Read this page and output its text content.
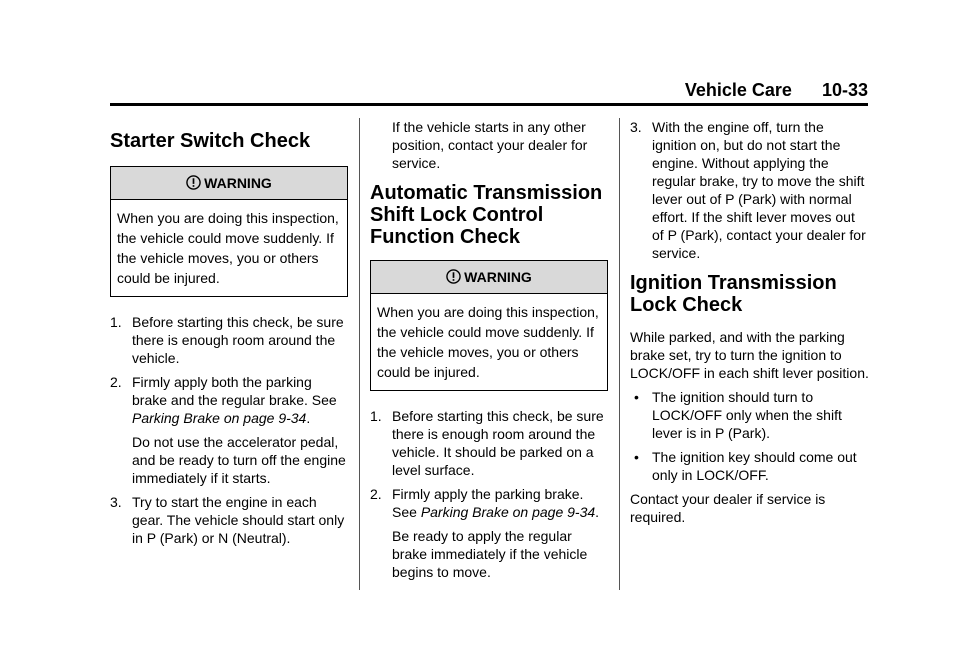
Vehicle Care 10-33
Starter Switch Check
WARNING
When you are doing this inspection, the vehicle could move suddenly. If the vehicle moves, you or others could be injured.
1. Before starting this check, be sure there is enough room around the vehicle.
2. Firmly apply both the parking brake and the regular brake. See Parking Brake on page 9-34.
Do not use the accelerator pedal, and be ready to turn off the engine immediately if it starts.
3. Try to start the engine in each gear. The vehicle should start only in P (Park) or N (Neutral).
If the vehicle starts in any other position, contact your dealer for service.
Automatic Transmission
Shift Lock Control
Function Check
WARNING
When you are doing this inspection, the vehicle could move suddenly. If the vehicle moves, you or others could be injured.
1. Before starting this check, be sure there is enough room around the vehicle. It should be parked on a level surface.
2. Firmly apply the parking brake. See Parking Brake on page 9-34.
Be ready to apply the regular brake immediately if the vehicle begins to move.
3. With the engine off, turn the ignition on, but do not start the engine. Without applying the regular brake, try to move the shift lever out of P (Park) with normal effort. If the shift lever moves out of P (Park), contact your dealer for service.
Ignition Transmission
Lock Check

While parked, and with the parking brake set, try to turn the ignition to LOCK/OFF in each shift lever position.

• The ignition should turn to LOCK/OFF only when the shift lever is in P (Park).
• The ignition key should come out only in LOCK/OFF.

Contact your dealer if service is required.
